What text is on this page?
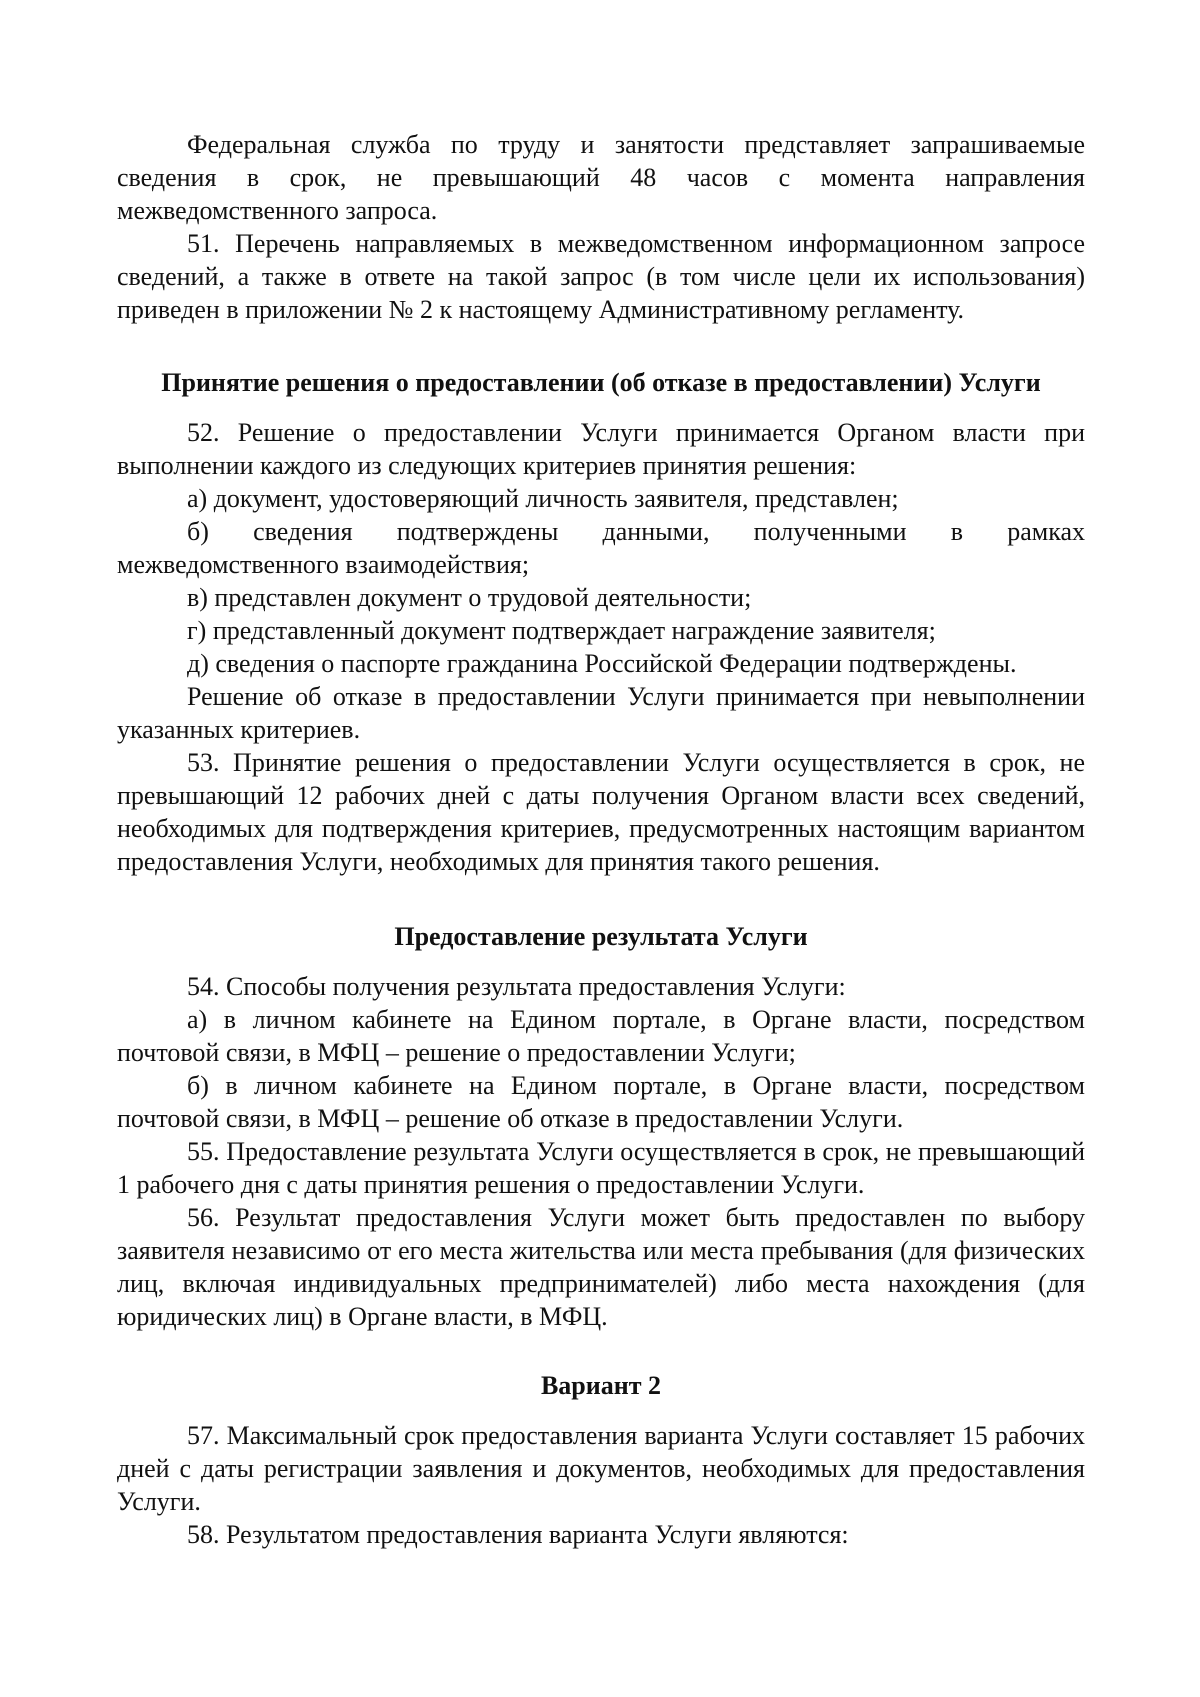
Федеральная служба по труду и занятости представляет запрашиваемые сведения в срок, не превышающий 48 часов с момента направления межведомственного запроса.

51. Перечень направляемых в межведомственном информационном запросе сведений, а также в ответе на такой запрос (в том числе цели их использования) приведен в приложении № 2 к настоящему Административному регламенту.

Принятие решения о предоставлении (об отказе в предоставлении) Услуги

52. Решение о предоставлении Услуги принимается Органом власти при выполнении каждого из следующих критериев принятия решения:

а) документ, удостоверяющий личность заявителя, представлен;

б) сведения подтверждены данными, полученными в рамках межведомственного взаимодействия;

в) представлен документ о трудовой деятельности;

г) представленный документ подтверждает награждение заявителя;

д) сведения о паспорте гражданина Российской Федерации подтверждены.

Решение об отказе в предоставлении Услуги принимается при невыполнении указанных критериев.

53. Принятие решения о предоставлении Услуги осуществляется в срок, не превышающий 12 рабочих дней с даты получения Органом власти всех сведений, необходимых для подтверждения критериев, предусмотренных настоящим вариантом предоставления Услуги, необходимых для принятия такого решения.

Предоставление результата Услуги

54. Способы получения результата предоставления Услуги:

а) в личном кабинете на Едином портале, в Органе власти, посредством почтовой связи, в МФЦ – решение о предоставлении Услуги;

б) в личном кабинете на Едином портале, в Органе власти, посредством почтовой связи, в МФЦ – решение об отказе в предоставлении Услуги.

55. Предоставление результата Услуги осуществляется в срок, не превышающий 1 рабочего дня с даты принятия решения о предоставлении Услуги.

56. Результат предоставления Услуги может быть предоставлен по выбору заявителя независимо от его места жительства или места пребывания (для физических лиц, включая индивидуальных предпринимателей) либо места нахождения (для юридических лиц) в Органе власти, в МФЦ.

Вариант 2

57. Максимальный срок предоставления варианта Услуги составляет 15 рабочих дней с даты регистрации заявления и документов, необходимых для предоставления Услуги.

58. Результатом предоставления варианта Услуги являются:
